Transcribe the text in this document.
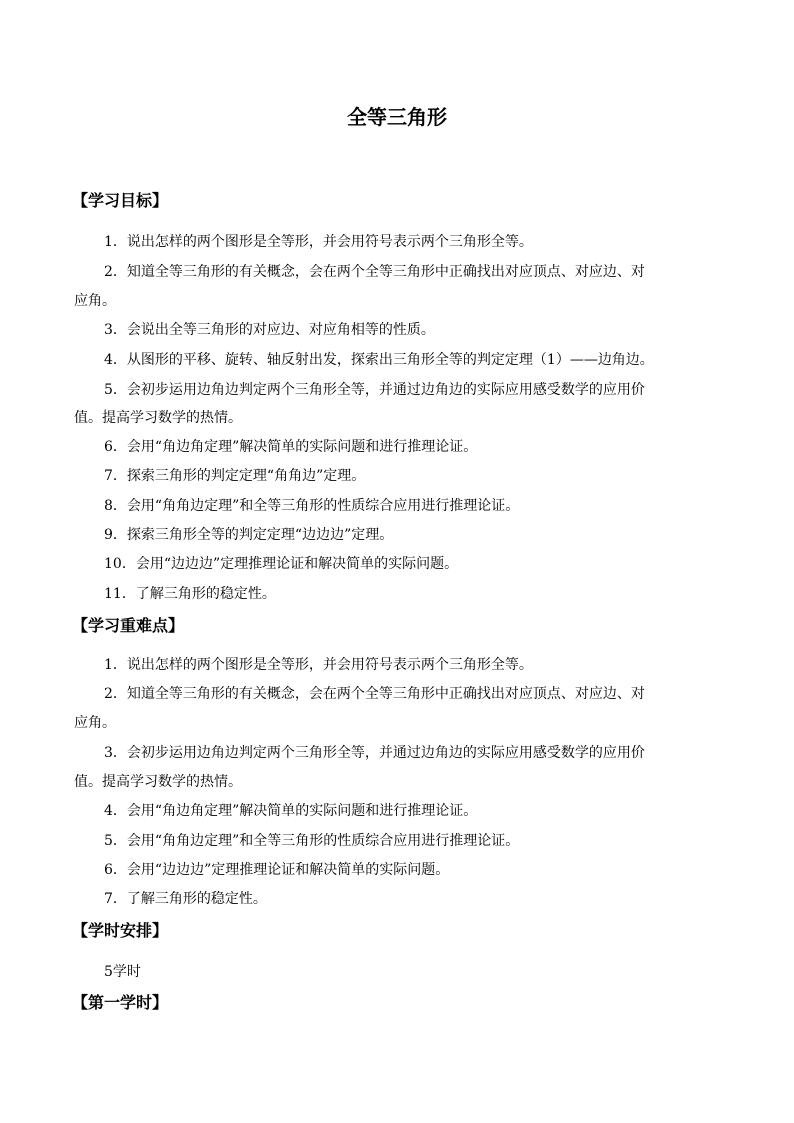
全等三角形
【学习目标】
1．说出怎样的两个图形是全等形，并会用符号表示两个三角形全等。
2．知道全等三角形的有关概念，会在两个全等三角形中正确找出对应顶点、对应边、对
应角。
3．会说出全等三角形的对应边、对应角相等的性质。
4．从图形的平移、旋转、轴反射出发，探索出三角形全等的判定定理（1）——边角边。
5．会初步运用边角边判定两个三角形全等，并通过边角边的实际应用感受数学的应用价
值。提高学习数学的热情。
6．会用“角边角定理”解决简单的实际问题和进行推理论证。
7．探索三角形的判定定理“角角边”定理。
8．会用“角角边定理”和全等三角形的性质综合应用进行推理论证。
9．探索三角形全等的判定定理“边边边”定理。
10．会用“边边边”定理推理论证和解决简单的实际问题。
11．了解三角形的稳定性。
【学习重难点】
1．说出怎样的两个图形是全等形，并会用符号表示两个三角形全等。
2．知道全等三角形的有关概念，会在两个全等三角形中正确找出对应顶点、对应边、对
应角。
3．会初步运用边角边判定两个三角形全等，并通过边角边的实际应用感受数学的应用价
值。提高学习数学的热情。
4．会用“角边角定理”解决简单的实际问题和进行推理论证。
5．会用“角角边定理”和全等三角形的性质综合应用进行推理论证。
6．会用“边边边”定理推理论证和解决简单的实际问题。
7．了解三角形的稳定性。
【学时安排】
5学时
【第一学时】
